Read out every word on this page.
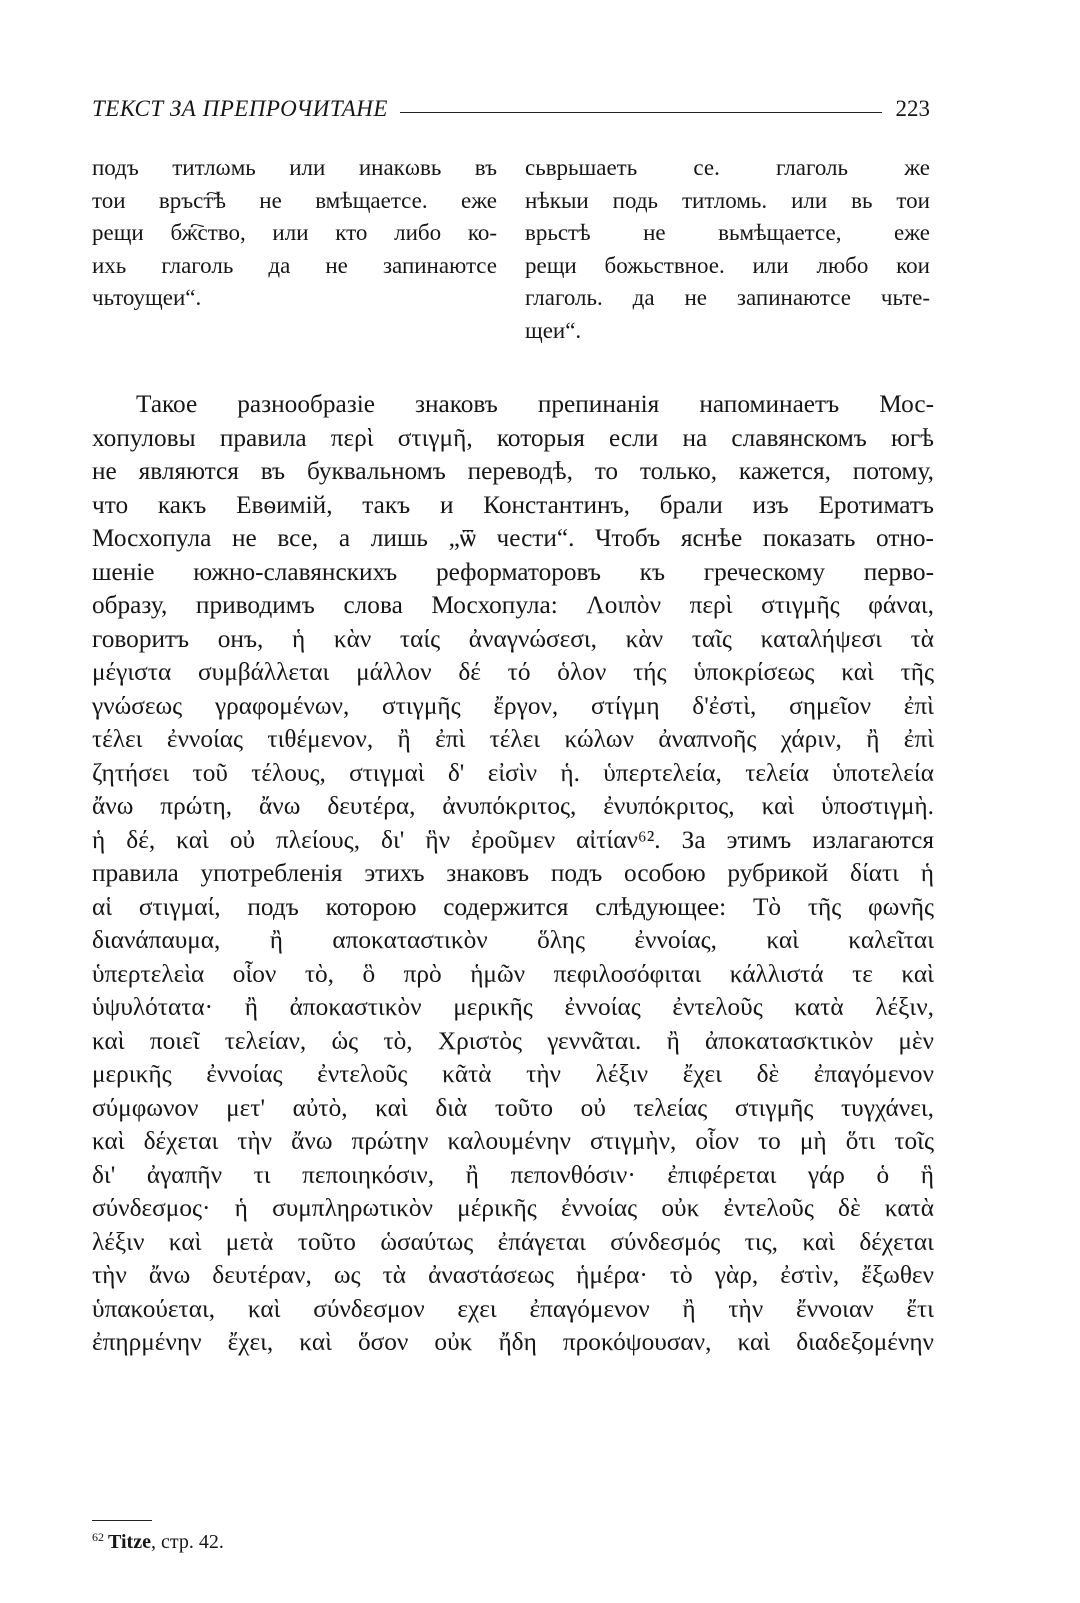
ТЕКСТ ЗА ПРЕПРОЧИТАНЕ	223
подъ титлωмь или инакωвь въ
тои връст҇ѣ не вмѣщаетсе. еже
рещи бж҇ство, или кто либо ко-
ихь глаголь да не запинаютсе
чьтоущеи“.
сьврьшаеть се. глаголь же
нѣкыи подь титломь. или вь тои
врьстѣ не вьмѣщаетсе, еже
рещи божьствное. или любо кои
глаголь. да не запинаютсе чьте-
щеи“.
Такое разнообразіе знаковъ препинанія напоминаетъ Мос-
хопуловы правила περὶ στιγμῆ, которыя если на славянскомъ югѣ
не являются въ буквальномъ переводѣ, то только, кажется, потому,
что какъ Евѳимій, такъ и Константинъ, брали изъ Еротиматъ
Мосхопула не все, а лишь „ѿ чести“. Чтобъ яснѣе показать отно-
шеніе южно-славянскихъ реформаторовъ къ греческому перво-
образу, приводимъ слова Мосхопула: Λοιπὸν περὶ στιγμῆς φάναι,
говоритъ онъ, ἡ κὰν ταίς ἀναγνώσεσι, κὰν ταῖς καταλήψεσι τὰ
μέγιστα συμβάλλεται μάλλον δέ τό ὁλον τής ὑποκρίσεως καὶ τῆς
γνώσεως γραφομένων, στιγμῆς ἔργον, στίγμη δ'ἐστὶ, σημεῖον ἐπὶ
τέλει ἐννοίας τιθέμενον, ἢ ἐπὶ τέλει κώλων ἀναπνοῆς χάριν, ἢ ἐπὶ
ζητήσει τοῦ τέλους, στιγμαὶ δ' εἰσὶν ἡ. ὑπερτελεία, τελεία ὑποτελεία
ἄνω πρώτη, ἄνω δευτέρα, ἀνυπόκριτος, ἐνυπόκριτος, καὶ ὑποστιγμὴ.
ἡ δέ, καὶ οὐ πλείους, δι' ἣν ἐροῦμεν αἰτίαν⁶². За этимъ излагаются
правила употребленія этихъ знаковъ подъ особою рубрикой δίατι ἡ
αἱ στιγμαί, подъ которою содержится слѣдующее: Τὸ τῆς φωνῆς
διανάπαυμα, ἢ αποκαταστικὸν ὅλης ἐννοίας, καὶ καλεῖται
ὑπερτελεὶα οἷον τὸ, ὃ πρὸ ἡμῶν πεφιλοσόφιται κάλλιστά τε καὶ
ὑψυλότατα· ἢ ἀποκαστικὸν μερικῆς ἐννοίας ἐντελοῦς κατὰ λέξιν,
καὶ ποιεῖ τελείαν, ὡς τὸ, Χριστὸς γεννᾶται. ἢ ἀποκατασκτικὸν μὲν
μερικῆς ἐννοίας ἐντελοῦς κᾶτὰ τὴν λέξιν ἔχει δὲ ἐπαγόμενον
σύμφωνον μετ' αὐτὸ, καὶ διὰ τοῦτο οὐ τελείας στιγμῆς τυγχάνει,
καὶ δέχεται τὴν ἄνω πρώτην καλουμένην στιγμὴν, οἷον το μὴ ὅτι τοῖς
δι' ἀγαπῆν τι πεποιηκόσιν, ἢ πεπονθόσιν· ἐπιφέρεται γάρ ὁ ἣ
σύνδεσμος· ἡ συμπληρωτικὸν μέρικῆς ἐννοίας οὐκ ἐντελοῦς δὲ κατὰ
λέξιν καὶ μετὰ τοῦτο ὡσαύτως ἐπάγεται σύνδεσμός τις, καὶ δέχεται
τὴν ἄνω δευτέραν, ως τὰ ἀναστάσεως ἡμέρα· τὸ γὰρ, ἐστὶν, ἔξωθεν
ὑπακούεται, καὶ σύνδεσμον εχει ἐπαγόμενον ἢ τὴν ἔννοιαν ἔτι
ἐπηρμένην ἔχει, καὶ ὅσον οὐκ ἤδη προκόψουσαν, καὶ διαδεξομένην
$^{62}$ Titze, стр. 42.
